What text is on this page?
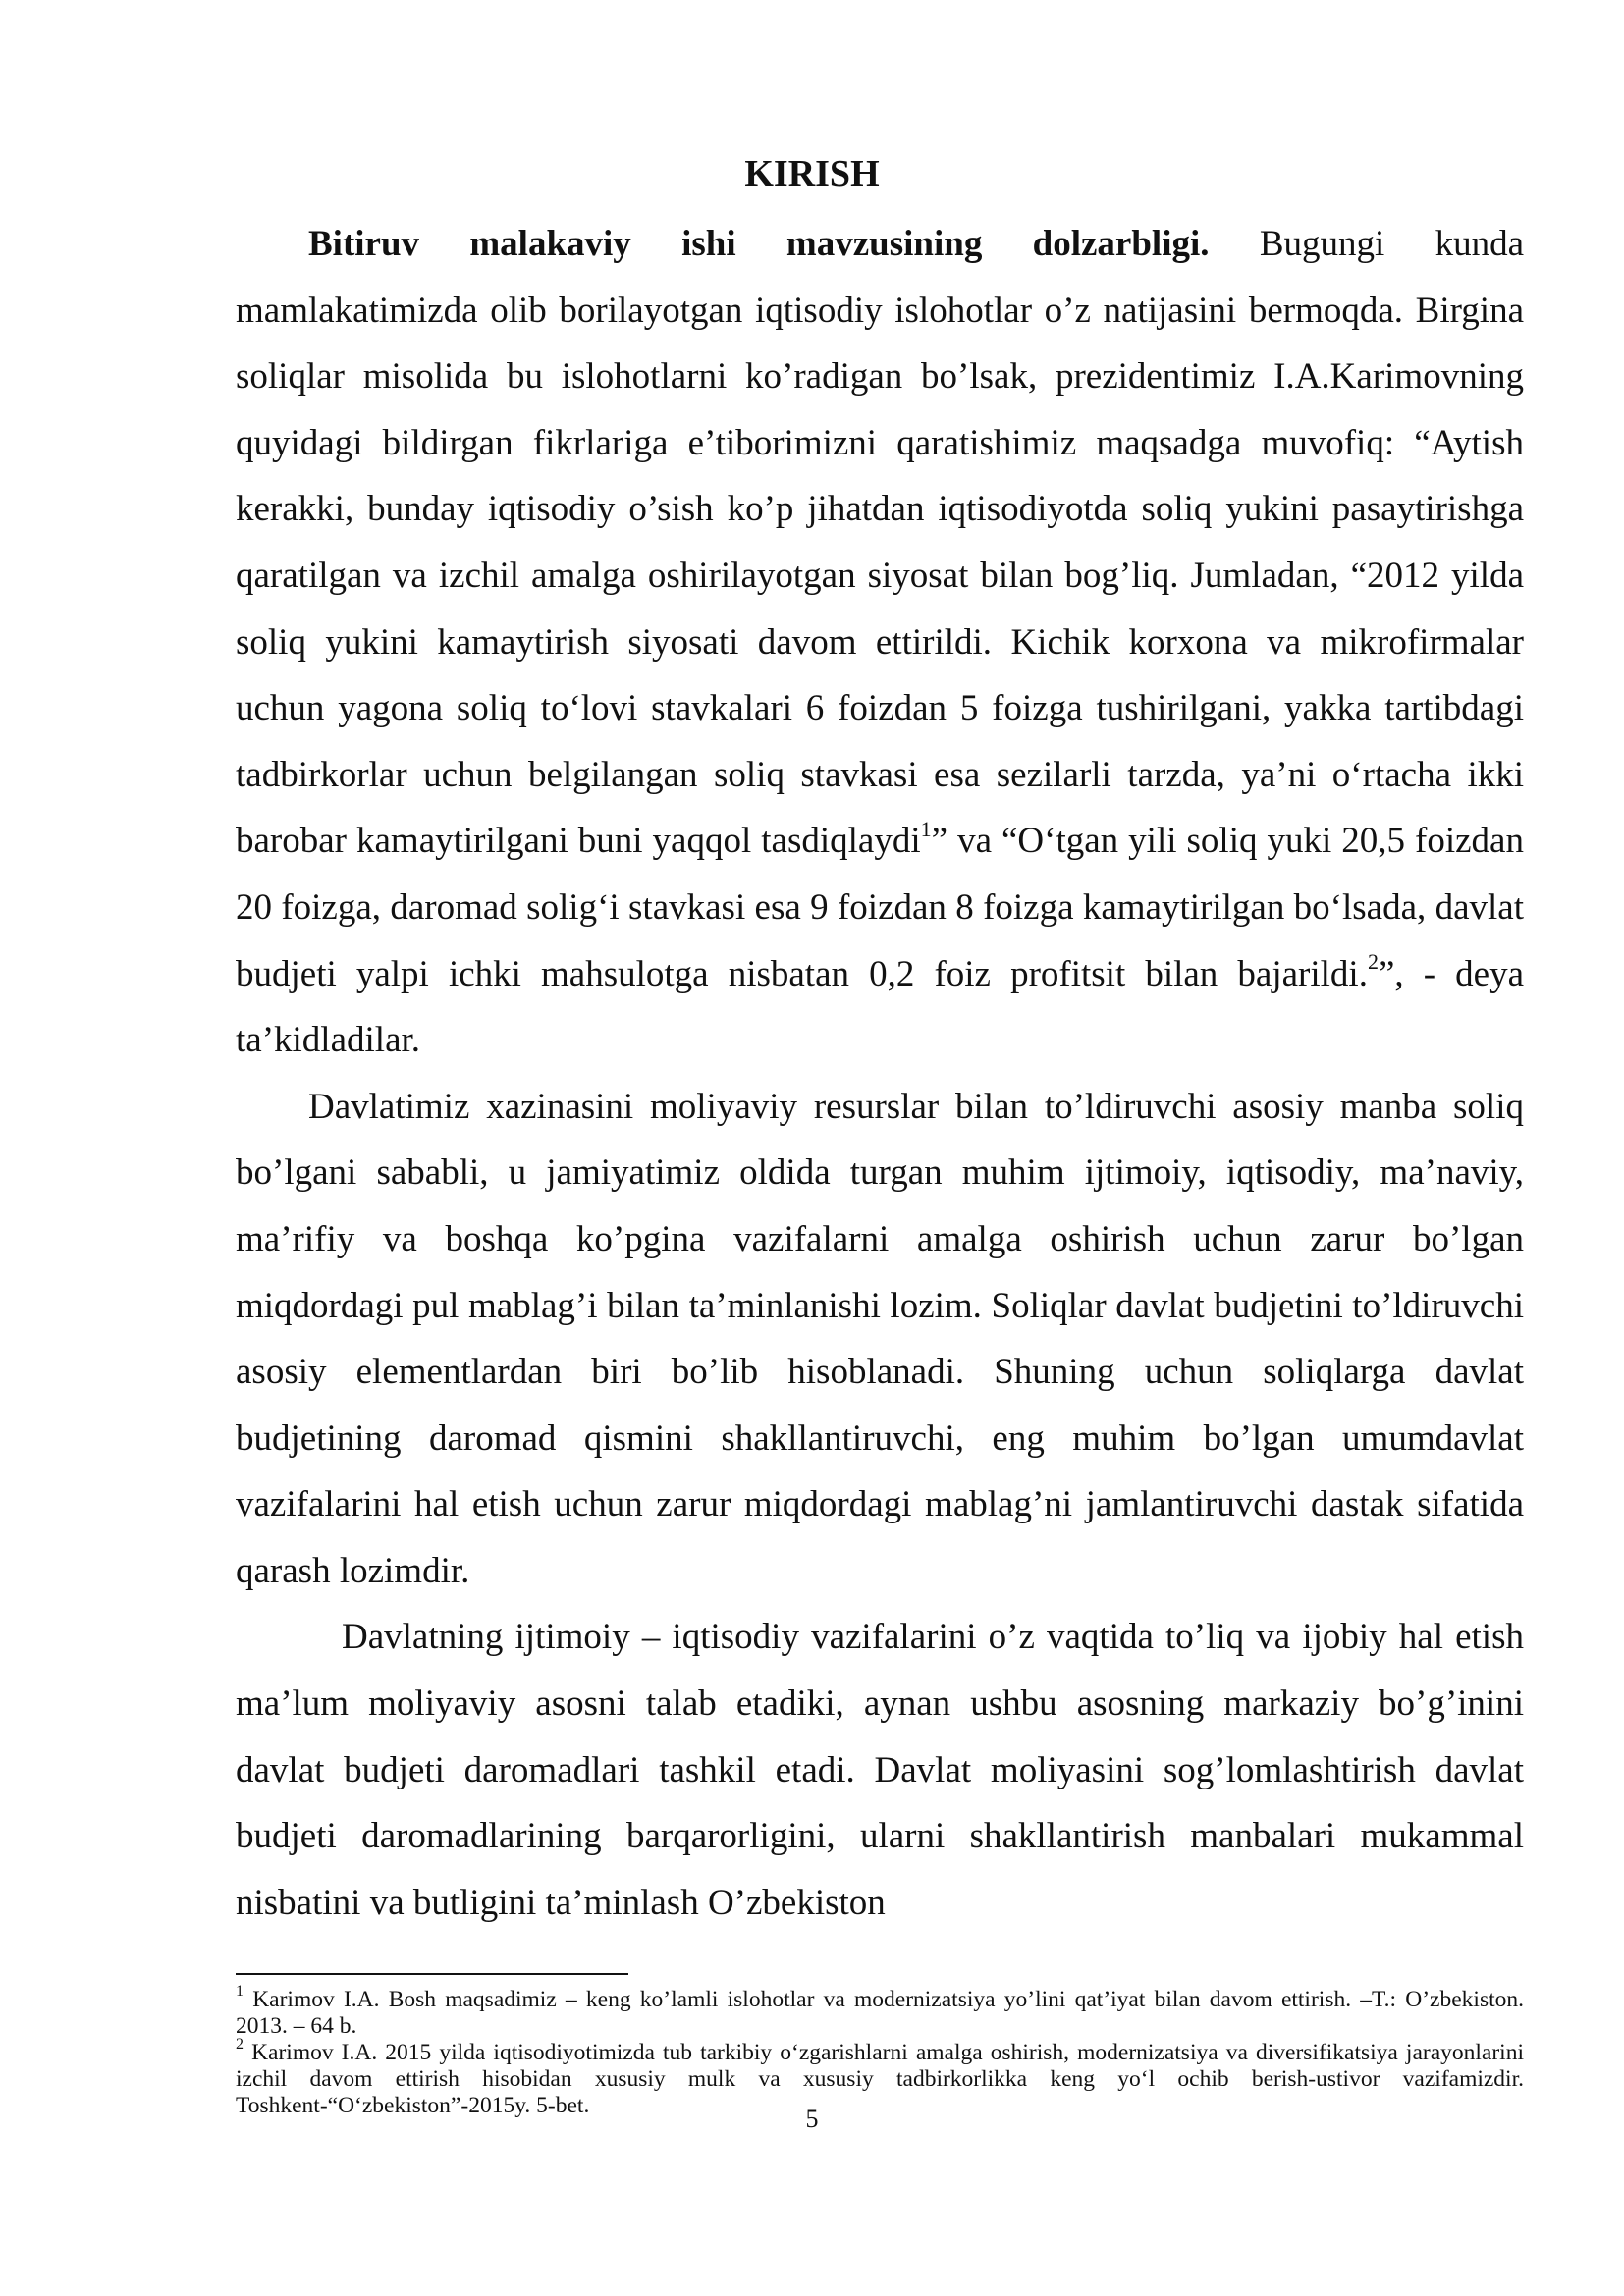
KIRISH

Bitiruv malakaviy ishi mavzusining dolzarbligi. Bugungi kunda mamlakatimizda olib borilayotgan iqtisodiy islohotlar o’z natijasini bermoqda. Birgina soliqlar misolida bu islohotlarni ko’radigan bo’lsak, prezidentimiz I.A.Karimovning quyidagi bildirgan fikrlariga e’tiborimizni qaratishimiz maqsadga muvofiq: “Aytish kerakki, bunday iqtisodiy o’sish ko’p jihatdan iqtisodiyotda soliq yukini pasaytirishga qaratilgan va izchil amalga oshirilayotgan siyosat bilan bog’liq. Jumladan, “2012 yilda soliq yukini kamaytirish siyosati davom ettirildi. Kichik korxona va mikrofirmalar uchun yagona soliq to‘lovi stavkalari 6 foizdan 5 foizga tushirilgani, yakka tartibdagi tadbirkorlar uchun belgilangan soliq stavkasi esa sezilarli tarzda, ya’ni o‘rtacha ikki barobar kamaytirilgani buni yaqqol tasdiqlaydi$^1$” va “O‘tgan yili soliq yuki 20,5 foizdan 20 foizga, daromad solig‘i stavkasi esa 9 foizdan 8 foizga kamaytirilgan bo‘lsada, davlat budjeti yalpi ichki mahsulotga nisbatan 0,2 foiz profitsit bilan bajarildi.$^2$”, - deya ta’kidladilar.

Davlatimiz xazinasini moliyaviy resurslar bilan to’ldiruvchi asosiy manba soliq bo’lgani sababli, u jamiyatimiz oldida turgan muhim ijtimoiy, iqtisodiy, ma’naviy, ma’rifiy va boshqa ko’pgina vazifalarni amalga oshirish uchun zarur bo’lgan miqdordagi pul mablag’i bilan ta’minlanishi lozim. Soliqlar davlat budjetini to’ldiruvchi asosiy elementlardan biri bo’lib hisoblanadi. Shuning uchun soliqlarga davlat budjetining daromad qismini shakllantiruvchi, eng muhim bo’lgan umumdavlat vazifalarini hal etish uchun zarur miqdordagi mablag’ni jamlantiruvchi dastak sifatida qarash lozimdir.

Davlatning ijtimoiy – iqtisodiy vazifalarini o’z vaqtida to’liq va ijobiy hal etish ma’lum moliyaviy asosni talab etadiki, aynan ushbu asosning markaziy bo’g’inini davlat budjeti daromadlari tashkil etadi. Davlat moliyasini sog’lomlashtirish davlat budjeti daromadlarining barqarorligini, ularni shakllantirish manbalari mukammal nisbatini va butligini ta’minlash O’zbekiston

$^1$ Karimov I.A. Bosh maqsadimiz – keng ko’lamli islohotlar va modernizatsiya yo’lini qat’iyat bilan davom ettirish. –T.: O’zbekiston. 2013. – 64 b.

$^2$ Karimov I.A. 2015 yilda iqtisodiyotimizda tub tarkibiy o‘zgarishlarni amalga oshirish, modernizatsiya va diversifikatsiya jarayonlarini izchil davom ettirish hisobidan xususiy mulk va xususiy tadbirkorlikka keng yo‘l ochib berish-ustivor vazifamizdir. Toshkent-“O‘zbekiston”-2015y. 5-bet.	5
